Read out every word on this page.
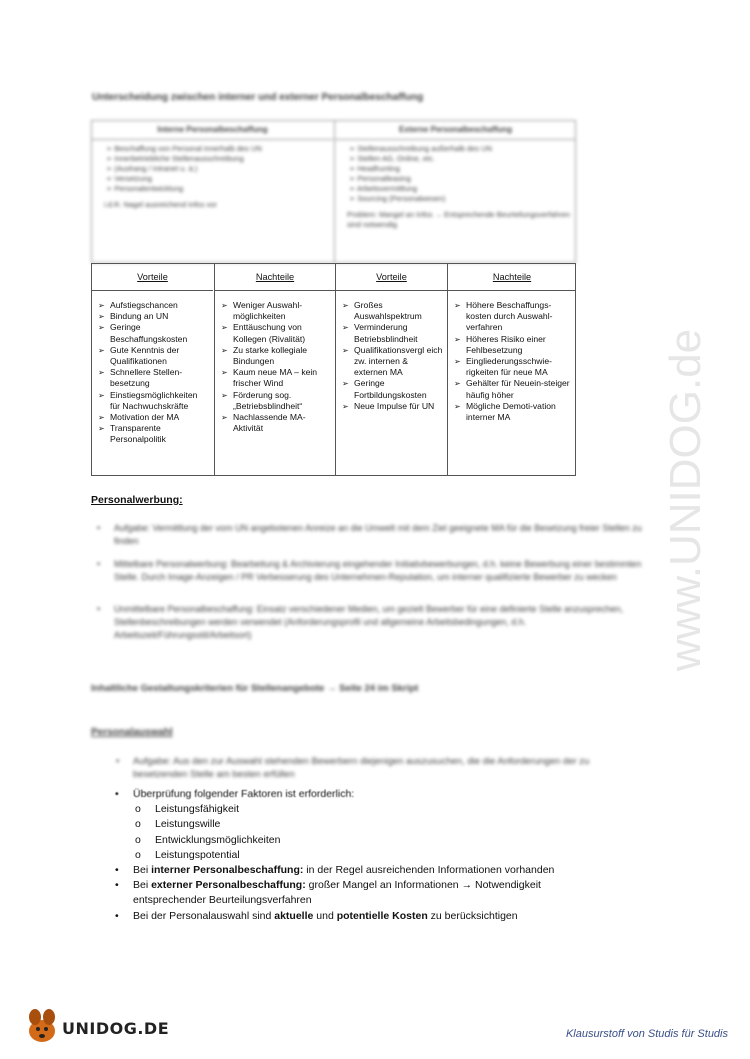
Unterscheidung zwischen interner und externer Personalbeschaffung
Interne Personalbeschaffung
➢ Beschaffung von Personal innerhalb des UN
➢ Innerbetriebliche Stellenausschreibung
➢ (Aushang / Intranet u. ä.)
➢ Versetzung
➢ Personalentwicklung
i.d.R. Nagel ausreichend Infos vor
Externe Personalbeschaffung
➢ Stellenausschreibung außerhalb des UN
➢ Stellen AG, Online, etc.
➢ Headhunting
➢ Personalleasing
➢ Arbeitsvermittlung
➢ Sourcing (Personalwesen)
Problem: Mangel an Infos → Entsprechende Beurteilungsverfahren sind notwendig
Vorteile
➢ Aufstiegschancen
➢ Bindung an UN
➢ Geringe Beschaffungskosten
➢ Gute Kenntnis der Qualifikationen
➢ Schnellere Stellen-besetzung
➢ Einstiegsmöglichkeiten für Nachwuchskräfte
➢ Motivation der MA
➢ Transparente Personalpolitik
Nachteile
➢ Weniger Auswahl-möglichkeiten
➢ Enttäuschung von Kollegen (Rivalität)
➢ Zu starke kollegiale Bindungen
➢ Kaum neue MA – kein frischer Wind
➢ Förderung sog. „Betriebsblindheit“
➢ Nachlassende MA-Aktivität
Vorteile
➢ Großes Auswahlspektrum
➢ Verminderung Betriebsblindheit
➢ Qualifikationsvergl eich zw. internen & externen MA
➢ Geringe Fortbildungskosten
➢ Neue Impulse für UN
Nachteile
➢ Höhere Beschaffungs-kosten durch Auswahl-verfahren
➢ Höheres Risiko einer Fehlbesetzung
➢ Eingliederungsschwie-rigkeiten für neue MA
➢ Gehälter für Neuein-steiger häufig höher
➢ Mögliche Demoti-vation interner MA
Personalwerbung:
• Aufgabe: Vermittlung der vom UN angebotenen Anreize an die Umwelt mit dem Ziel geeignete MA für die Besetzung freier Stellen zu finden
• Mittelbare Personalwerbung: Bearbeitung & Archivierung eingehender Initiativbewerbungen, d.h. keine Bewerbung einer bestimmten Stelle. Durch Image-Anzeigen / PR Verbesserung des Unternehmen-Reputation, um interner qualifizierte Bewerber zu wecken
• Unmittelbare Personalbeschaffung: Einsatz verschiedener Medien, um gezielt Bewerber für eine definierte Stelle anzusprechen, Stellenbeschreibungen werden verwendet (Anforderungsprofil und allgemeine Arbeitsbedingungen, d.h. Arbeitszeit/Führungsstil/Arbeitsort)
Inhaltliche Gestaltungskriterien für Stellenangebote → Seite 24 im Skript
Personalauswahl
• Aufgabe: Aus den zur Auswahl stehenden Bewerbern diejenigen auszusuchen, die die Anforderungen der zu besetzenden Stelle am besten erfüllen
• Überprüfung folgender Faktoren ist erforderlich:
o Leistungsfähigkeit
o Leistungswille
o Entwicklungsmöglichkeiten
o Leistungspotential
• Bei interner Personalbeschaffung: in der Regel ausreichenden Informationen vorhanden
• Bei externer Personalbeschaffung: großer Mangel an Informationen → Notwendigkeit
entsprechender Beurteilungsverfahren
• Bei der Personalauswahl sind aktuelle und potentielle Kosten zu berücksichtigen
www.UNIDOG.de
UNIDOG.DE	Klausurstoff von Studis für Studis
